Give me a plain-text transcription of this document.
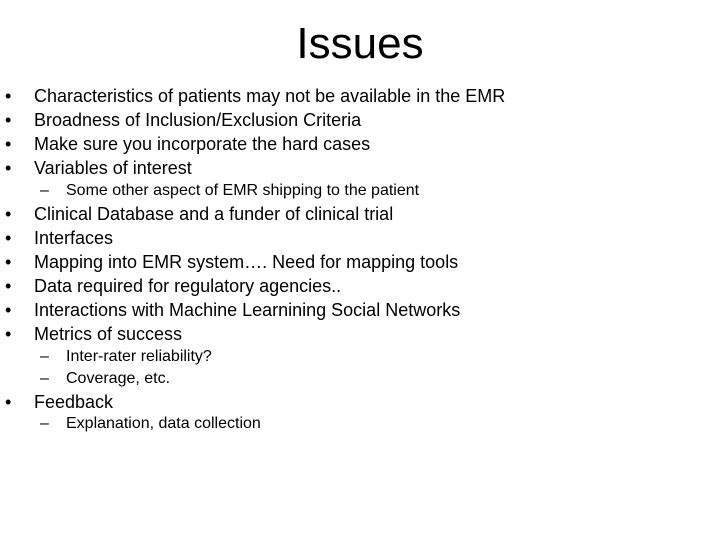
Issues
• Characteristics of patients may not be available in the EMR
• Broadness of Inclusion/Exclusion Criteria
• Make sure you incorporate the hard cases
• Variables of interest
– Some other aspect of EMR shipping to the patient
• Clinical Database and a funder of clinical trial
• Interfaces
• Mapping into EMR system…. Need for mapping tools
• Data required for regulatory agencies..
• Interactions with Machine Learnining Social Networks
• Metrics of success
– Inter-rater reliability?
– Coverage, etc.
• Feedback
– Explanation, data collection
